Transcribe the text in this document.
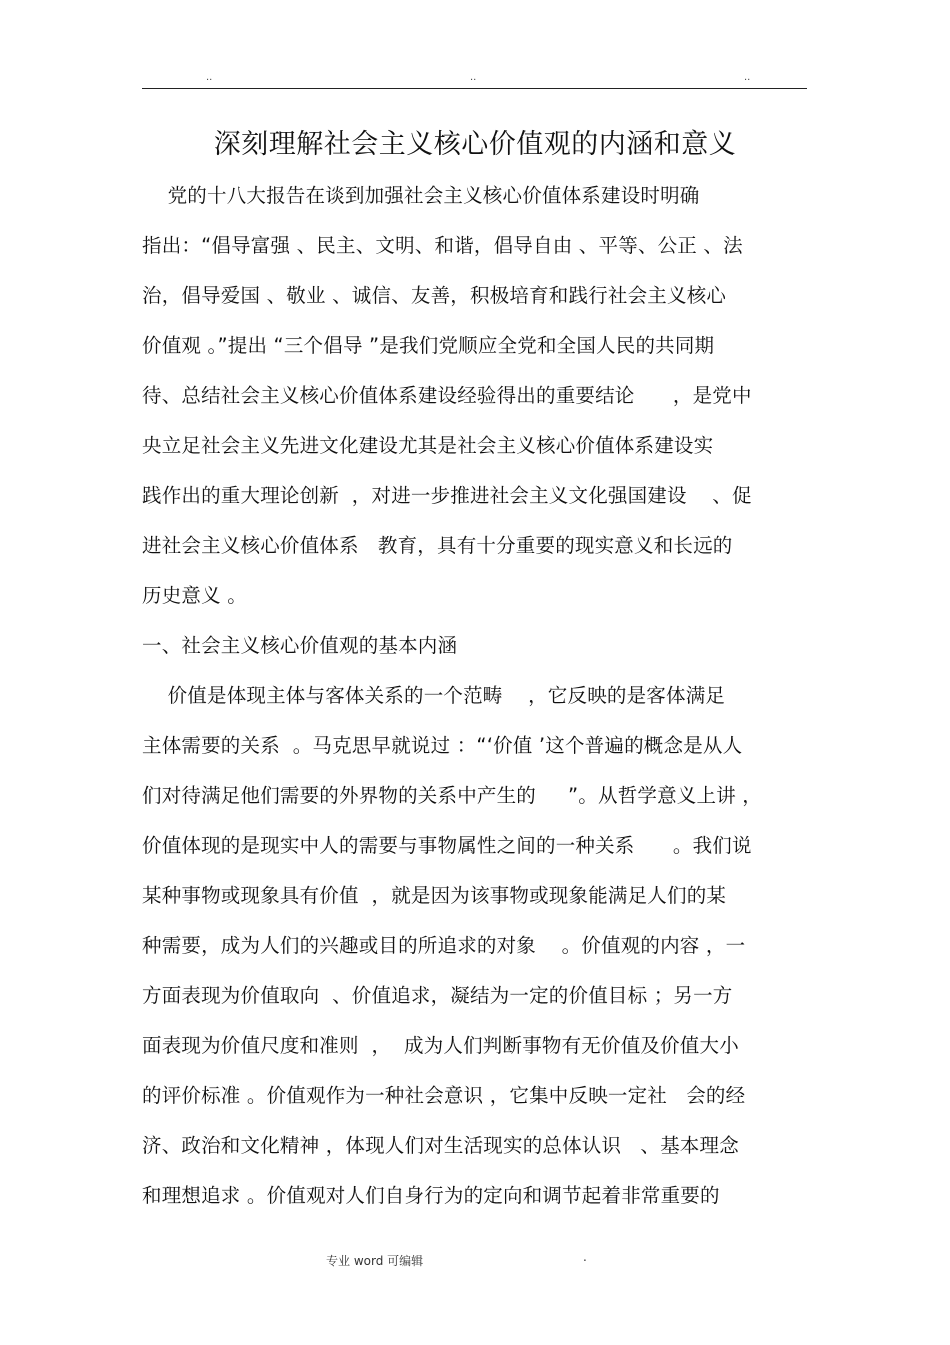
..	..	..
深刻理解社会主义核心价值观的内涵和意义
党的十八大报告在谈到加强社会主义核心价值体系建设时明确
指出：“倡导富强 、民主、文明、和谐，倡导自由 、平等、公正 、法
治，倡导爱国 、敬业 、诚信、友善，积极培育和践行社会主义核心
价值观 。”提出 “三个倡导 ”是我们党顺应全党和全国人民的共同期
待、总结社会主义核心价值体系建设经验得出的重要结论      ，是党中
央立足社会主义先进文化建设尤其是社会主义核心价值体系建设实
践作出的重大理论创新  ，对进一步推进社会主义文化强国建设    、促
进社会主义核心价值体系   教育，具有十分重要的现实意义和长远的
历史意义 。
一、社会主义核心价值观的基本内涵
价值是体现主体与客体关系的一个范畴    ，它反映的是客体满足
主体需要的关系  。马克思早就说过 ：“‘价值 ’这个普遍的概念是从人
们对待满足他们需要的外界物的关系中产生的     ”。从哲学意义上讲 ，
价值体现的是现实中人的需要与事物属性之间的一种关系      。我们说
某种事物或现象具有价值  ，就是因为该事物或现象能满足人们的某
种需要，成为人们的兴趣或目的所追求的对象    。价值观的内容 ，一
方面表现为价值取向  、价值追求，凝结为一定的价值目标 ；另一方
面表现为价值尺度和准则  ，  成为人们判断事物有无价值及价值大小
的评价标准 。价值观作为一种社会意识 ，它集中反映一定社   会的经
济、政治和文化精神 ，体现人们对生活现实的总体认识   、基本理念
和理想追求 。价值观对人们自身行为的定向和调节起着非常重要的
专业 word 可编辑	.
